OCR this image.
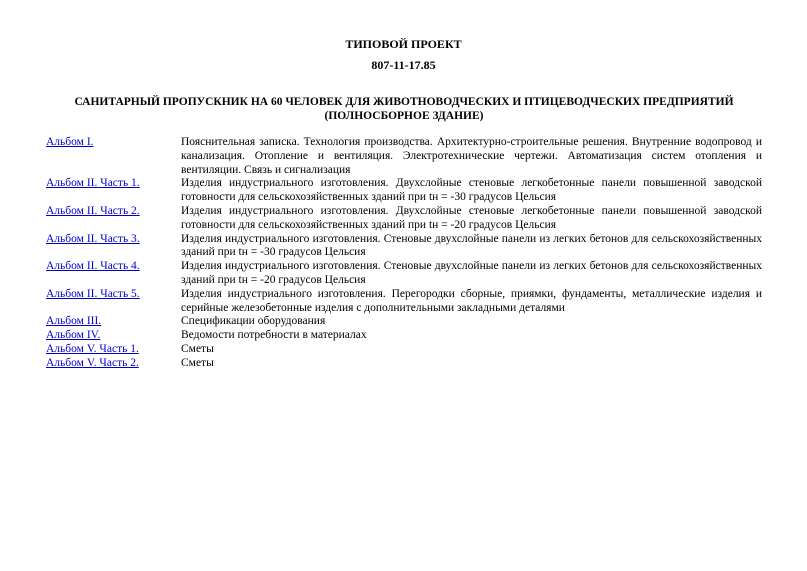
ТИПОВОЙ ПРОЕКТ
807-11-17.85
САНИТАРНЫЙ ПРОПУСКНИК НА 60 ЧЕЛОВЕК ДЛЯ ЖИВОТНОВОДЧЕСКИХ И ПТИЦЕВОДЧЕСКИХ ПРЕДПРИЯТИЙ (ПОЛНОСБОРНОЕ ЗДАНИЕ)
Альбом I.	Пояснительная записка. Технология производства. Архитектурно-строительные решения. Внутренние водопровод и канализация. Отопление и вентиляция. Электротехнические чертежи. Автоматизация систем отопления и вентиляции. Связь и сигнализация
Альбом II. Часть 1.	Изделия индустриального изготовления. Двухслойные стеновые легкобетонные панели повышенной заводской готовности для сельскохозяйственных зданий при tн = -30 градусов Цельсия
Альбом II. Часть 2.	Изделия индустриального изготовления. Двухслойные стеновые легкобетонные панели повышенной заводской готовности для сельскохозяйственных зданий при tн = -20 градусов Цельсия
Альбом II. Часть 3.	Изделия индустриального изготовления. Стеновые двухслойные панели из легких бетонов для сельскохозяйственных зданий при tн = -30 градусов Цельсия
Альбом II. Часть 4.	Изделия индустриального изготовления. Стеновые двухслойные панели из легких бетонов для сельскохозяйственных зданий при tн = -20 градусов Цельсия
Альбом II. Часть 5.	Изделия индустриального изготовления. Перегородки сборные, приямки, фундаменты, металлические изделия и серийные железобетонные изделия с дополнительными закладными деталями
Альбом III.	Спецификации оборудования
Альбом IV.	Ведомости потребности в материалах
Альбом V. Часть 1.	Сметы
Альбом V. Часть 2.	Сметы
